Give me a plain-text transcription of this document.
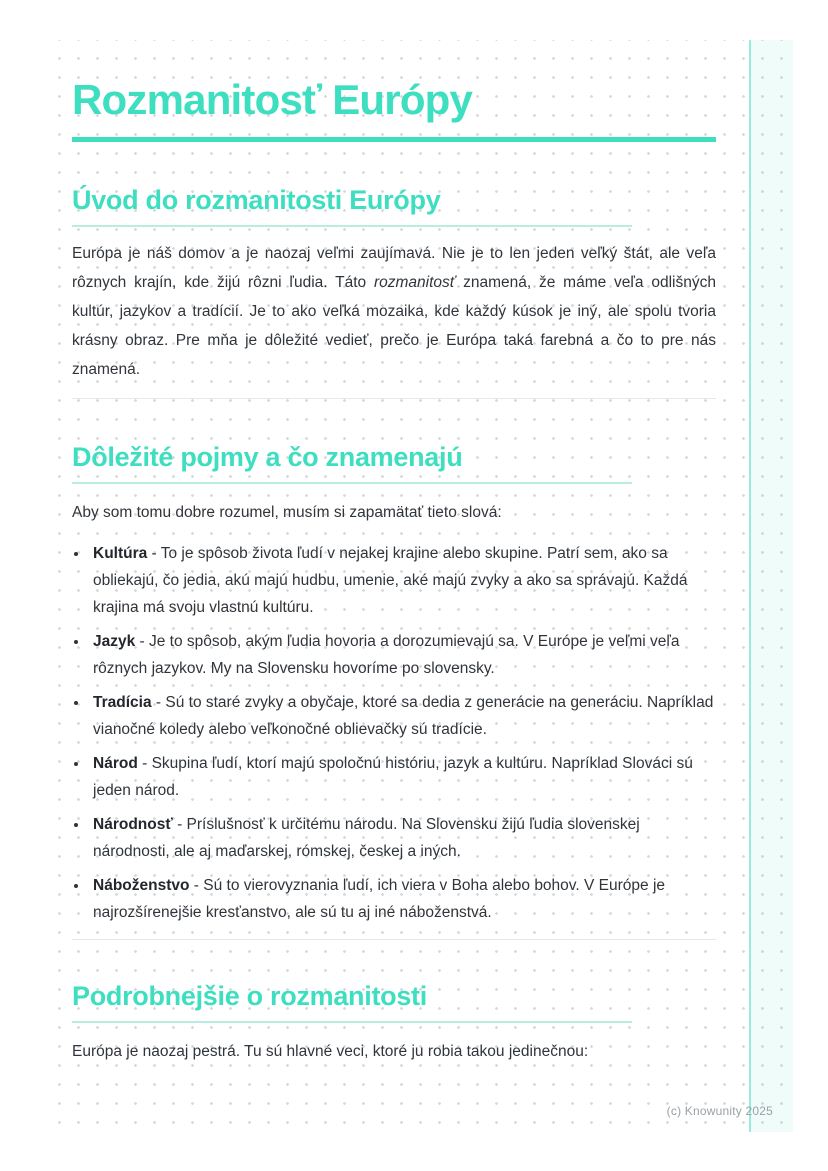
Rozmanitosť Európy
Úvod do rozmanitosti Európy

Európa je náš domov a je naozaj veľmi zaujímavá. Nie je to len jeden veľký štát, ale veľa rôznych krajín, kde žijú rôzni ľudia. Táto rozmanitosť znamená, že máme veľa odlišných kultúr, jazykov a tradícií. Je to ako veľká mozaika, kde každý kúsok je iný, ale spolu tvoria krásny obraz. Pre mňa je dôležité vedieť, prečo je Európa taká farebná a čo to pre nás znamená.

Dôležité pojmy a čo znamenajú

Aby som tomu dobre rozumel, musím si zapamätať tieto slová:

• Kultúra - To je spôsob života ľudí v nejakej krajine alebo skupine. Patrí sem, ako sa obliekajú, čo jedia, akú majú hudbu, umenie, aké majú zvyky a ako sa správajú. Každá krajina má svoju vlastnú kultúru.
• Jazyk - Je to spôsob, akým ľudia hovoria a dorozumievajú sa. V Európe je veľmi veľa rôznych jazykov. My na Slovensku hovoríme po slovensky.
• Tradícia - Sú to staré zvyky a obyčaje, ktoré sa dedia z generácie na generáciu. Napríklad vianočné koledy alebo veľkonočné oblievačky sú tradície.
• Národ - Skupina ľudí, ktorí majú spoločnú históriu, jazyk a kultúru. Napríklad Slováci sú jeden národ.
• Národnosť - Príslušnosť k určitému národu. Na Slovensku žijú ľudia slovenskej národnosti, ale aj maďarskej, rómskej, českej a iných.
• Náboženstvo - Sú to vierovyznania ľudí, ich viera v Boha alebo bohov. V Európe je najrozšírenejšie kresťanstvo, ale sú tu aj iné náboženstvá.
Podrobnejšie o rozmanitosti

Európa je naozaj pestrá. Tu sú hlavné veci, ktoré ju robia takou jedinečnou:

(c) Knowunity 2025
